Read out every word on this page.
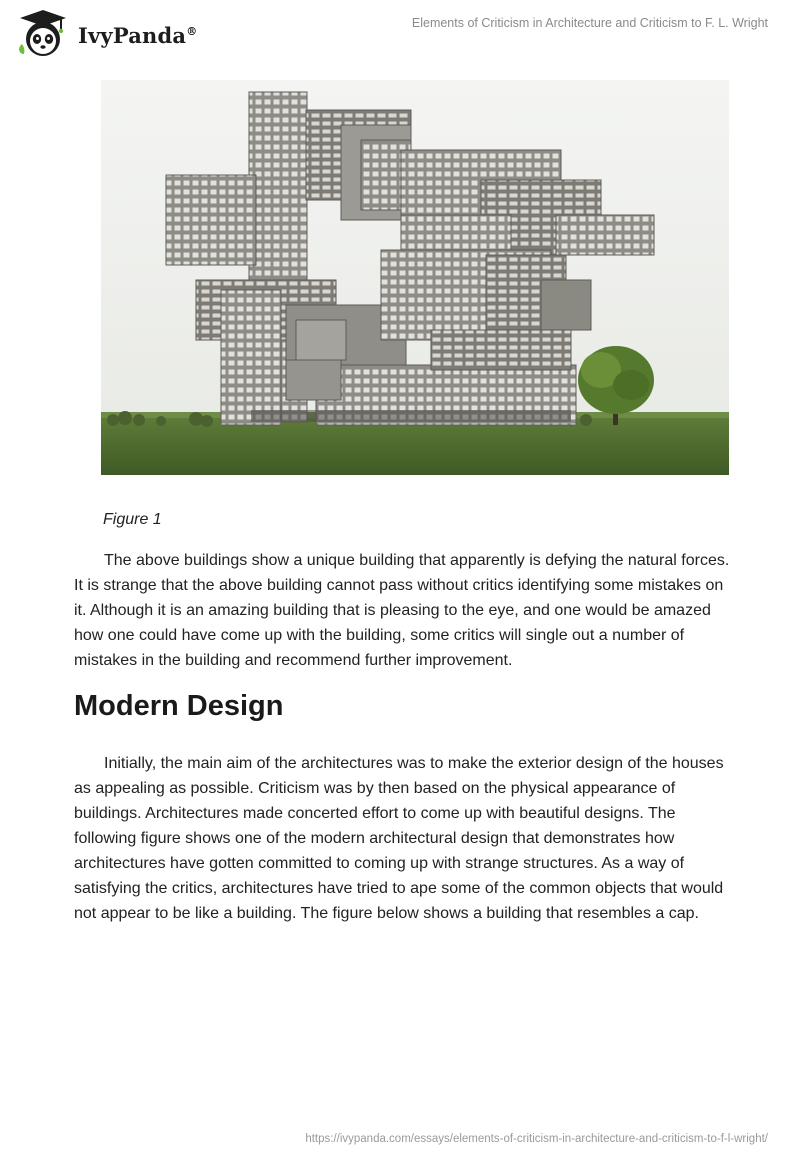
IvyPanda®
Elements of Criticism in Architecture and Criticism to F. L. Wright
Figure 1

The above buildings show a unique building that apparently is defying the natural forces. It is strange that the above building cannot pass without critics identifying some mistakes on it. Although it is an amazing building that is pleasing to the eye, and one would be amazed how one could have come up with the building, some critics will single out a number of mistakes in the building and recommend further improvement.

Modern Design

Initially, the main aim of the architectures was to make the exterior design of the houses as appealing as possible. Criticism was by then based on the physical appearance of buildings. Architectures made concerted effort to come up with beautiful designs. The following figure shows one of the modern architectural design that demonstrates how architectures have gotten committed to coming up with strange structures. As a way of satisfying the critics, architectures have tried to ape some of the common objects that would not appear to be like a building. The figure below shows a building that resembles a cap.

https://ivypanda.com/essays/elements-of-criticism-in-architecture-and-criticism-to-f-l-wright/
